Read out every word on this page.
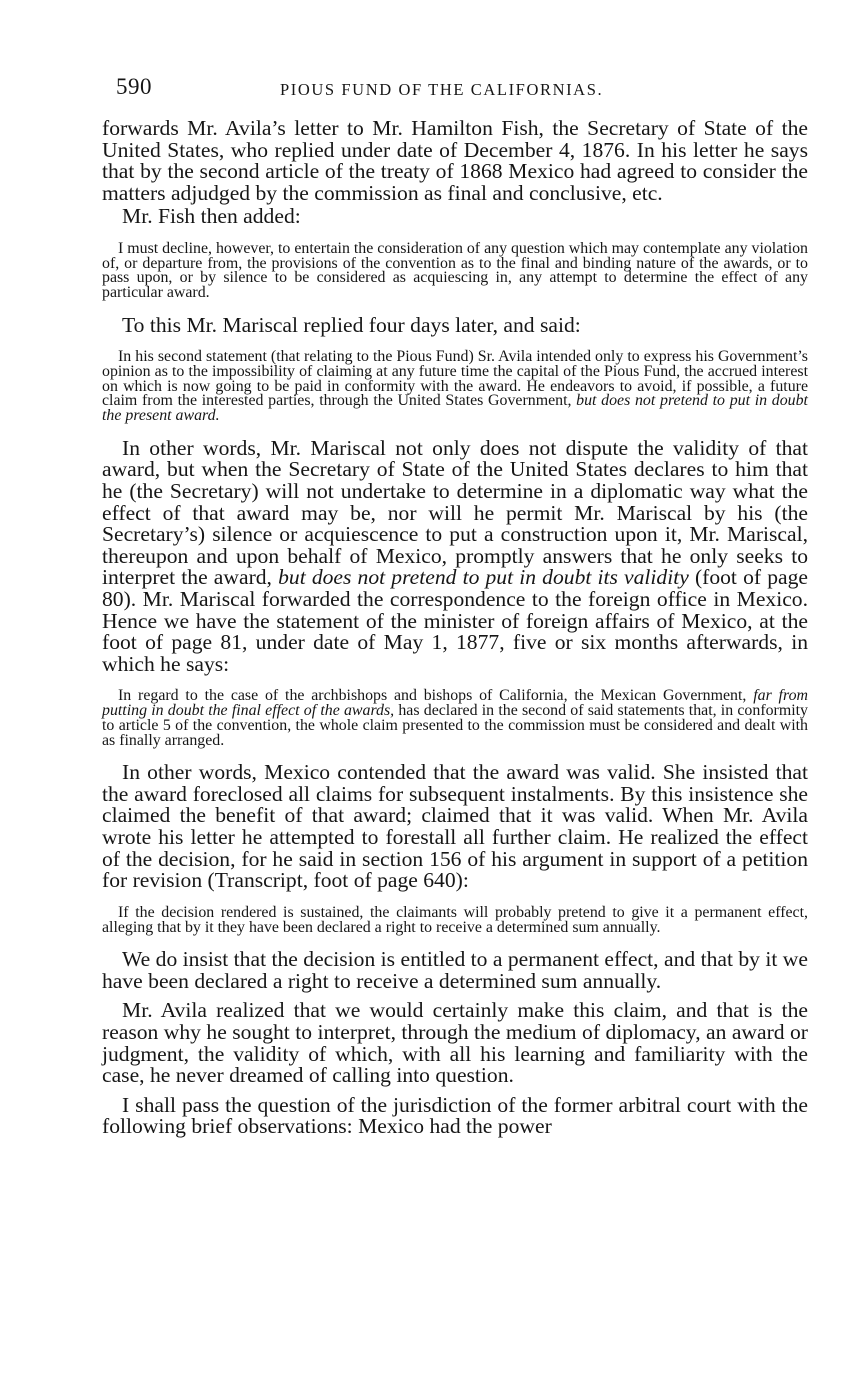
590	PIOUS FUND OF THE CALIFORNIAS.

forwards Mr. Avila’s letter to Mr. Hamilton Fish, the Secretary of State of the United States, who replied under date of December 4, 1876. In his letter he says that by the second article of the treaty of 1868 Mexico had agreed to consider the matters adjudged by the commission as final and conclusive, etc.

Mr. Fish then added:

I must decline, however, to entertain the consideration of any question which may contemplate any violation of, or departure from, the provisions of the convention as to the final and binding nature of the awards, or to pass upon, or by silence to be considered as acquiescing in, any attempt to determine the effect of any particular award.

To this Mr. Mariscal replied four days later, and said:

In his second statement (that relating to the Pious Fund) Sr. Avila intended only to express his Government’s opinion as to the impossibility of claiming at any future time the capital of the Pious Fund, the accrued interest on which is now going to be paid in conformity with the award. He endeavors to avoid, if possible, a future claim from the interested parties, through the United States Government, but does not pretend to put in doubt the present award.

In other words, Mr. Mariscal not only does not dispute the validity of that award, but when the Secretary of State of the United States declares to him that he (the Secretary) will not undertake to determine in a diplomatic way what the effect of that award may be, nor will he permit Mr. Mariscal by his (the Secretary’s) silence or acquiescence to put a construction upon it, Mr. Mariscal, thereupon and upon behalf of Mexico, promptly answers that he only seeks to interpret the award, but does not pretend to put in doubt its validity (foot of page 80). Mr. Mariscal forwarded the correspondence to the foreign office in Mexico. Hence we have the statement of the minister of foreign affairs of Mexico, at the foot of page 81, under date of May 1, 1877, five or six months afterwards, in which he says:

In regard to the case of the archbishops and bishops of California, the Mexican Government, far from putting in doubt the final effect of the awards, has declared in the second of said statements that, in conformity to article 5 of the convention, the whole claim presented to the commission must be considered and dealt with as finally arranged.

In other words, Mexico contended that the award was valid. She insisted that the award foreclosed all claims for subsequent instalments. By this insistence she claimed the benefit of that award; claimed that it was valid. When Mr. Avila wrote his letter he attempted to forestall all further claim. He realized the effect of the decision, for he said in section 156 of his argument in support of a petition for revision (Transcript, foot of page 640):

If the decision rendered is sustained, the claimants will probably pretend to give it a permanent effect, alleging that by it they have been declared a right to receive a determined sum annually.

We do insist that the decision is entitled to a permanent effect, and that by it we have been declared a right to receive a determined sum annually.

Mr. Avila realized that we would certainly make this claim, and that is the reason why he sought to interpret, through the medium of diplomacy, an award or judgment, the validity of which, with all his learning and familiarity with the case, he never dreamed of calling into question.

I shall pass the question of the jurisdiction of the former arbitral court with the following brief observations: Mexico had the power
